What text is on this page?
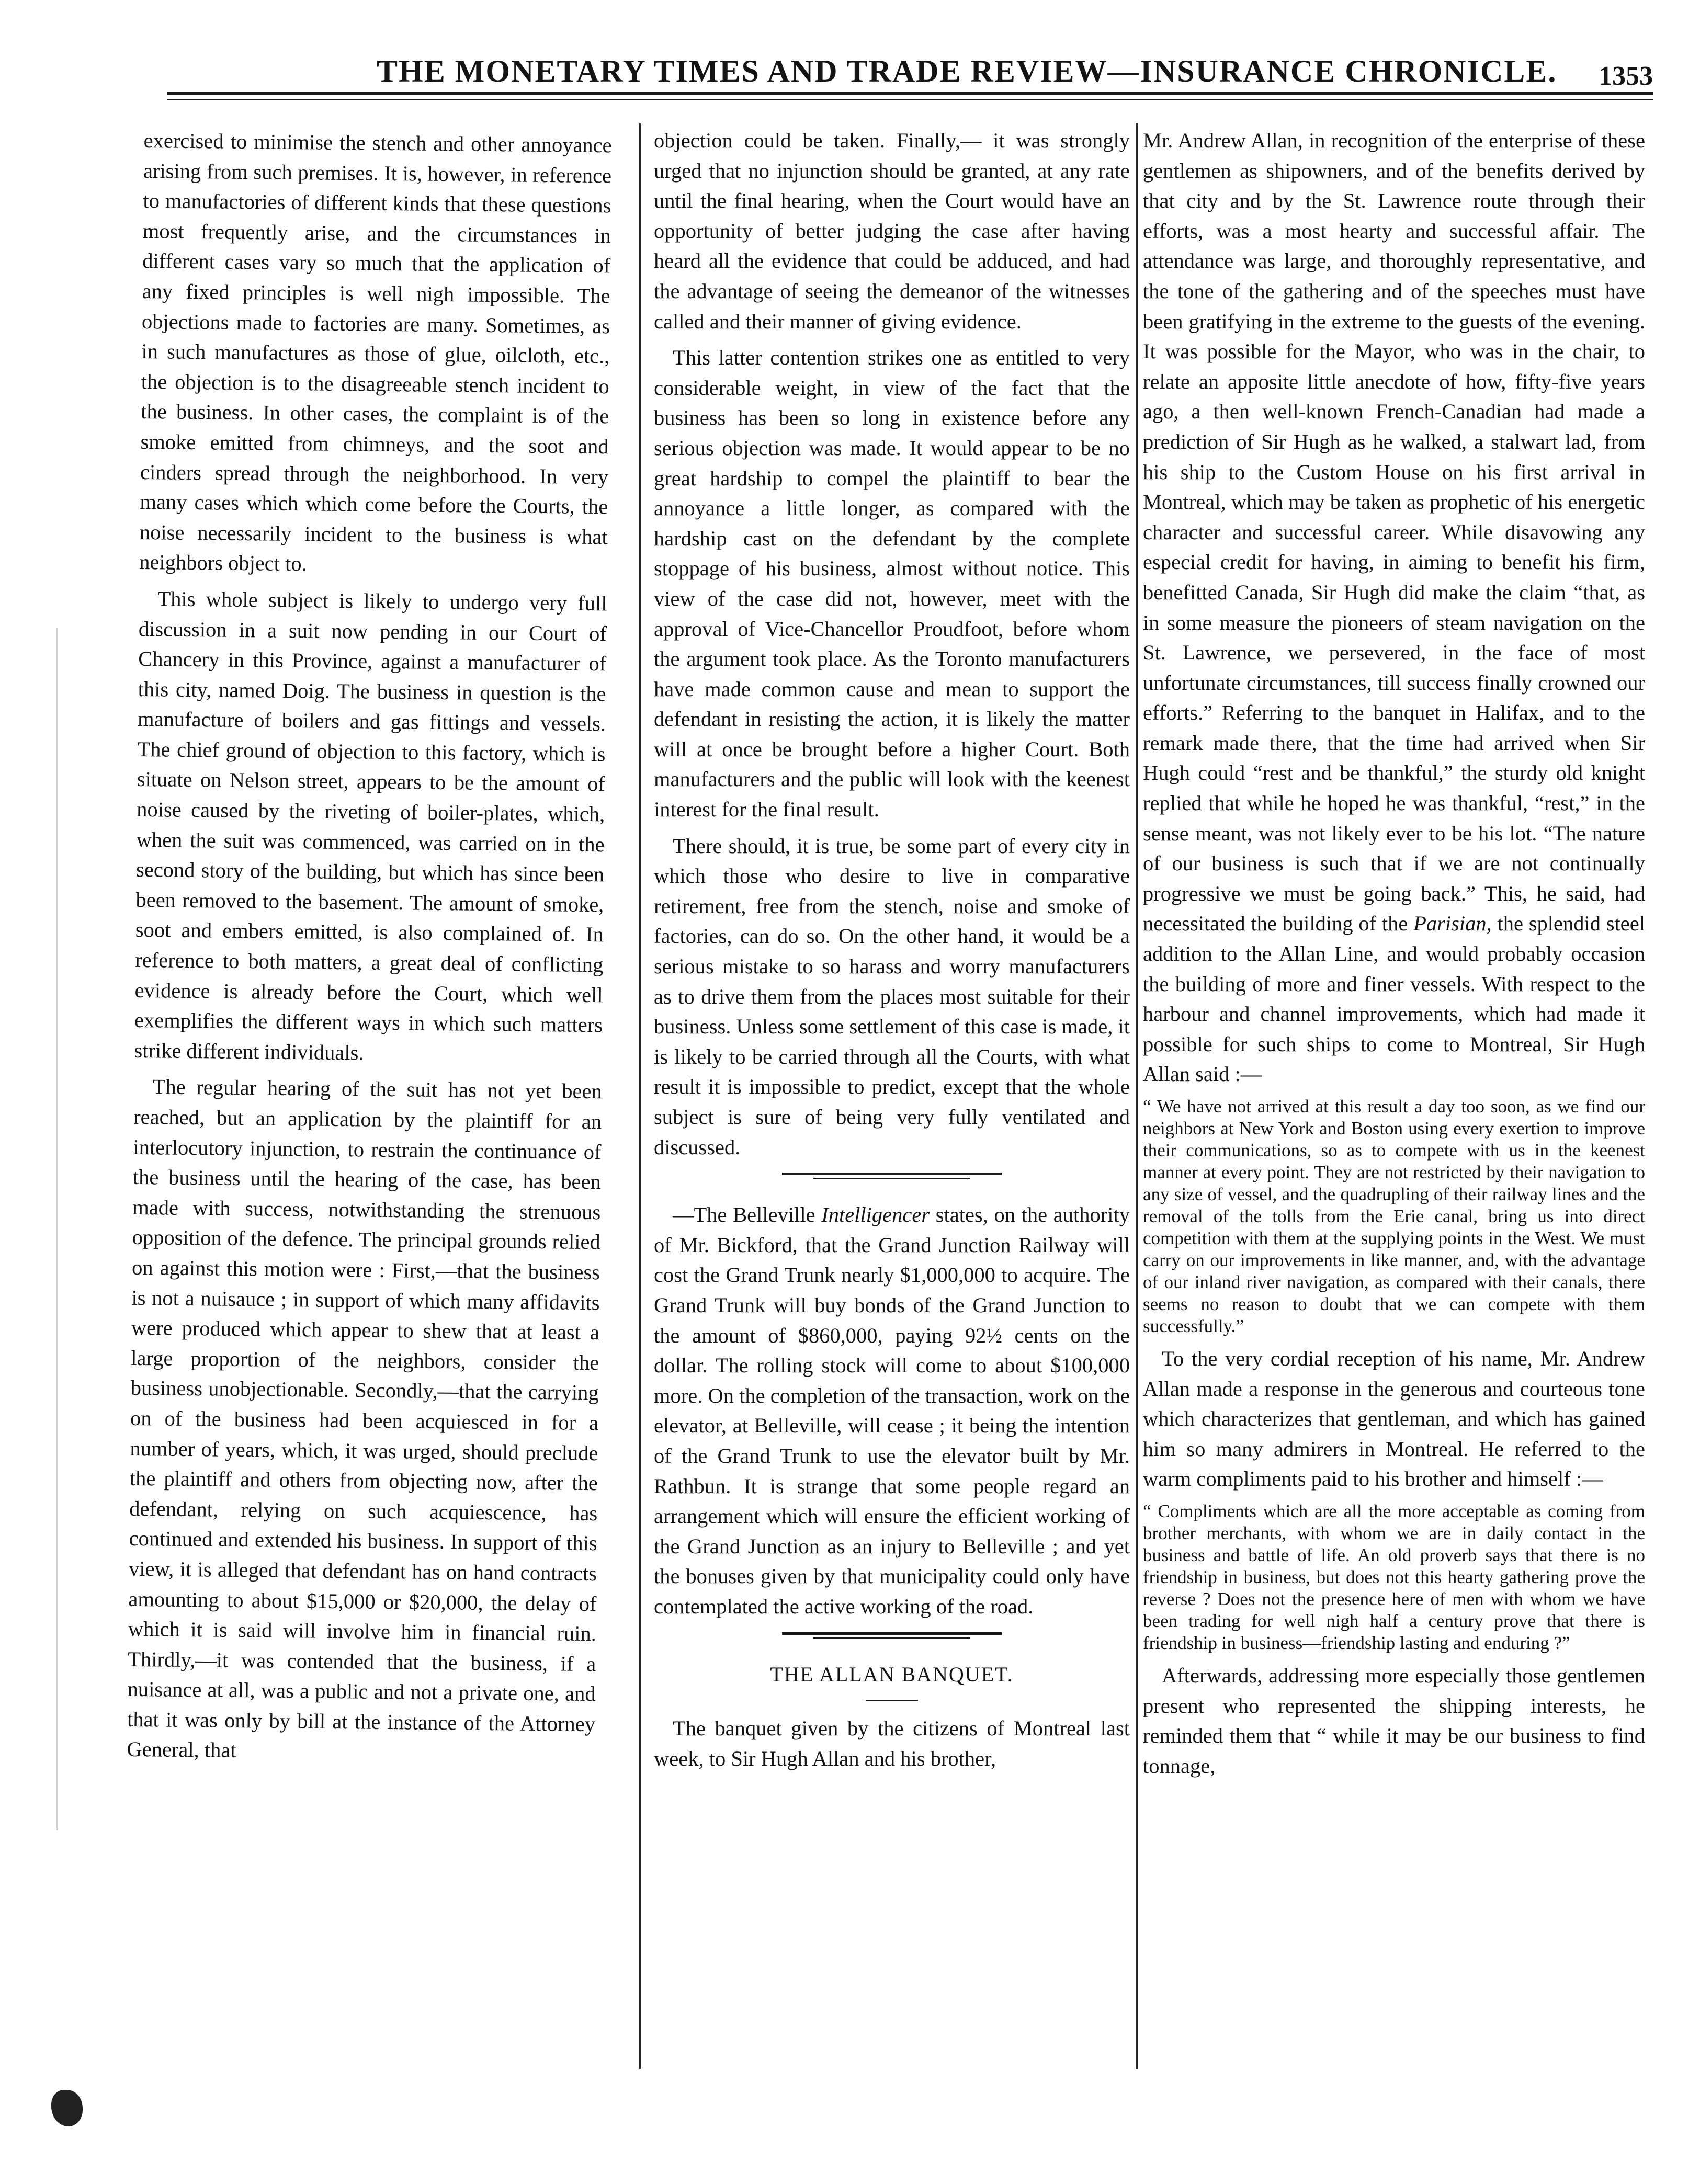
THE MONETARY TIMES AND TRADE REVIEW—INSURANCE CHRONICLE. 1353

exercised to minimise the stench and other annoyance arising from such premises. It is, however, in reference to manufactories of different kinds that these questions most frequently arise, and the circumstances in different cases vary so much that the application of any fixed principles is well nigh impossible. The objections made to factories are many. Sometimes, as in such manufactures as those of glue, oilcloth, etc., the objection is to the disagreeable stench incident to the business. In other cases, the complaint is of the smoke emitted from chimneys, and the soot and cinders spread through the neighborhood. In very many cases which which come before the Courts, the noise necessarily incident to the business is what neighbors object to.

This whole subject is likely to undergo very full discussion in a suit now pending in our Court of Chancery in this Province, against a manufacturer of this city, named Doig. The business in question is the manufacture of boilers and gas fittings and vessels. The chief ground of objection to this factory, which is situate on Nelson street, appears to be the amount of noise caused by the riveting of boiler-plates, which, when the suit was commenced, was carried on in the second story of the building, but which has since been been removed to the basement. The amount of smoke, soot and embers emitted, is also complained of. In reference to both matters, a great deal of conflicting evidence is already before the Court, which well exemplifies the different ways in which such matters strike different individuals.

The regular hearing of the suit has not yet been reached, but an application by the plaintiff for an interlocutory injunction, to restrain the continuance of the business until the hearing of the case, has been made with success, notwithstanding the strenuous opposition of the defence. The principal grounds relied on against this motion were : First,—that the business is not a nuisauce ; in support of which many affidavits were produced which appear to shew that at least a large proportion of the neighbors, consider the business unobjectionable. Secondly,—that the carrying on of the business had been acquiesced in for a number of years, which, it was urged, should preclude the plaintiff and others from objecting now, after the defendant, relying on such acquiescence, has continued and extended his business. In support of this view, it is alleged that defendant has on hand contracts amounting to about $15,000 or $20,000, the delay of which it is said will involve him in financial ruin. Thirdly,—it was contended that the business, if a nuisance at all, was a public and not a private one, and that it was only by bill at the instance of the Attorney General, that

objection could be taken. Finally,— it was strongly urged that no injunction should be granted, at any rate until the final hearing, when the Court would have an opportunity of better judging the case after having heard all the evidence that could be adduced, and had the advantage of seeing the demeanor of the witnesses called and their manner of giving evidence.

This latter contention strikes one as entitled to very considerable weight, in view of the fact that the business has been so long in existence before any serious objection was made. It would appear to be no great hardship to compel the plaintiff to bear the annoyance a little longer, as compared with the hardship cast on the defendant by the complete stoppage of his business, almost without notice. This view of the case did not, however, meet with the approval of Vice-Chancellor Proudfoot, before whom the argument took place. As the Toronto manufacturers have made common cause and mean to support the defendant in resisting the action, it is likely the matter will at once be brought before a higher Court. Both manufacturers and the public will look with the keenest interest for the final result.

There should, it is true, be some part of every city in which those who desire to live in comparative retirement, free from the stench, noise and smoke of factories, can do so. On the other hand, it would be a serious mistake to so harass and worry manufacturers as to drive them from the places most suitable for their business. Unless some settlement of this case is made, it is likely to be carried through all the Courts, with what result it is impossible to predict, except that the whole subject is sure of being very fully ventilated and discussed.

—The Belleville Intelligencer states, on the authority of Mr. Bickford, that the Grand Junction Railway will cost the Grand Trunk nearly $1,000,000 to acquire. The Grand Trunk will buy bonds of the Grand Junction to the amount of $860,000, paying 92½ cents on the dollar. The rolling stock will come to about $100,000 more. On the completion of the transaction, work on the elevator, at Belleville, will cease ; it being the intention of the Grand Trunk to use the elevator built by Mr. Rathbun. It is strange that some people regard an arrangement which will ensure the efficient working of the Grand Junction as an injury to Belleville ; and yet the bonuses given by that municipality could only have contemplated the active working of the road.

THE ALLAN BANQUET.

The banquet given by the citizens of Montreal last week, to Sir Hugh Allan and his brother,

Mr. Andrew Allan, in recognition of the enterprise of these gentlemen as shipowners, and of the benefits derived by that city and by the St. Lawrence route through their efforts, was a most hearty and successful affair. The attendance was large, and thoroughly representative, and the tone of the gathering and of the speeches must have been gratifying in the extreme to the guests of the evening. It was possible for the Mayor, who was in the chair, to relate an apposite little anecdote of how, fifty-five years ago, a then well-known French-Canadian had made a prediction of Sir Hugh as he walked, a stalwart lad, from his ship to the Custom House on his first arrival in Montreal, which may be taken as prophetic of his energetic character and successful career. While disavowing any especial credit for having, in aiming to benefit his firm, benefitted Canada, Sir Hugh did make the claim “that, as in some measure the pioneers of steam navigation on the St. Lawrence, we persevered, in the face of most unfortunate circumstances, till success finally crowned our efforts.” Referring to the banquet in Halifax, and to the remark made there, that the time had arrived when Sir Hugh could “rest and be thankful,” the sturdy old knight replied that while he hoped he was thankful, “rest,” in the sense meant, was not likely ever to be his lot. “The nature of our business is such that if we are not continually progressive we must be going back.” This, he said, had necessitated the building of the Parisian, the splendid steel addition to the Allan Line, and would probably occasion the building of more and finer vessels. With respect to the harbour and channel improvements, which had made it possible for such ships to come to Montreal, Sir Hugh Allan said :—

“ We have not arrived at this result a day too soon, as we find our neighbors at New York and Boston using every exertion to improve their communications, so as to compete with us in the keenest manner at every point. They are not restricted by their navigation to any size of vessel, and the quadrupling of their railway lines and the removal of the tolls from the Erie canal, bring us into direct competition with them at the supplying points in the West. We must carry on our improvements in like manner, and, with the advantage of our inland river navigation, as compared with their canals, there seems no reason to doubt that we can compete with them successfully.”

To the very cordial reception of his name, Mr. Andrew Allan made a response in the generous and courteous tone which characterizes that gentleman, and which has gained him so many admirers in Montreal. He referred to the warm compliments paid to his brother and himself :—

“ Compliments which are all the more acceptable as coming from brother merchants, with whom we are in daily contact in the business and battle of life. An old proverb says that there is no friendship in business, but does not this hearty gathering prove the reverse ? Does not the presence here of men with whom we have been trading for well nigh half a century prove that there is friendship in business—friendship lasting and enduring ?”

Afterwards, addressing more especially those gentlemen present who represented the shipping interests, he reminded them that “ while it may be our business to find tonnage,
